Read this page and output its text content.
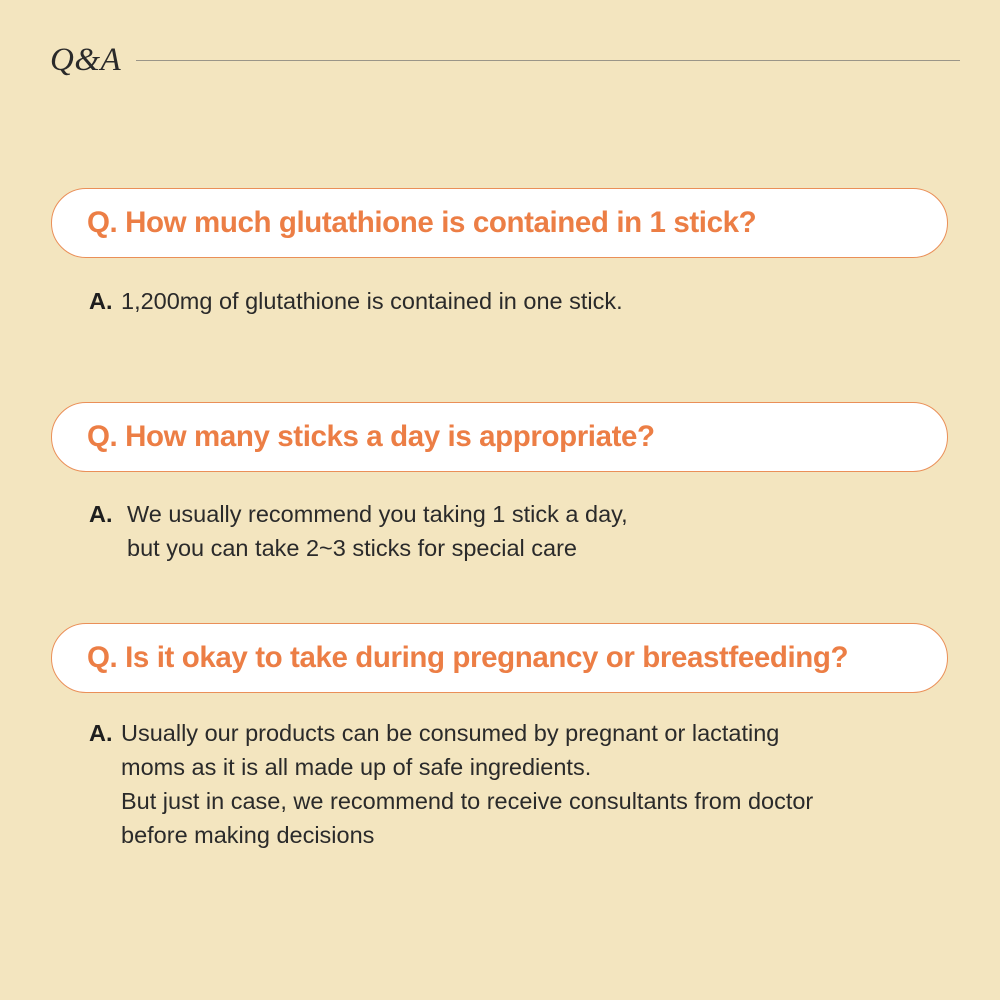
Q&A
Q. How much glutathione is contained in 1 stick?
A. 1,200mg of glutathione is contained in one stick.
Q. How many sticks a day is appropriate?
A. We usually recommend you taking 1 stick a day,
but you can take 2~3 sticks for special care
Q. Is it okay to take during pregnancy or breastfeeding?
A. Usually our products can be consumed by pregnant or lactating
moms as it is all made up of safe ingredients.
But just in case, we recommend to receive consultants from doctor
before making decisions
